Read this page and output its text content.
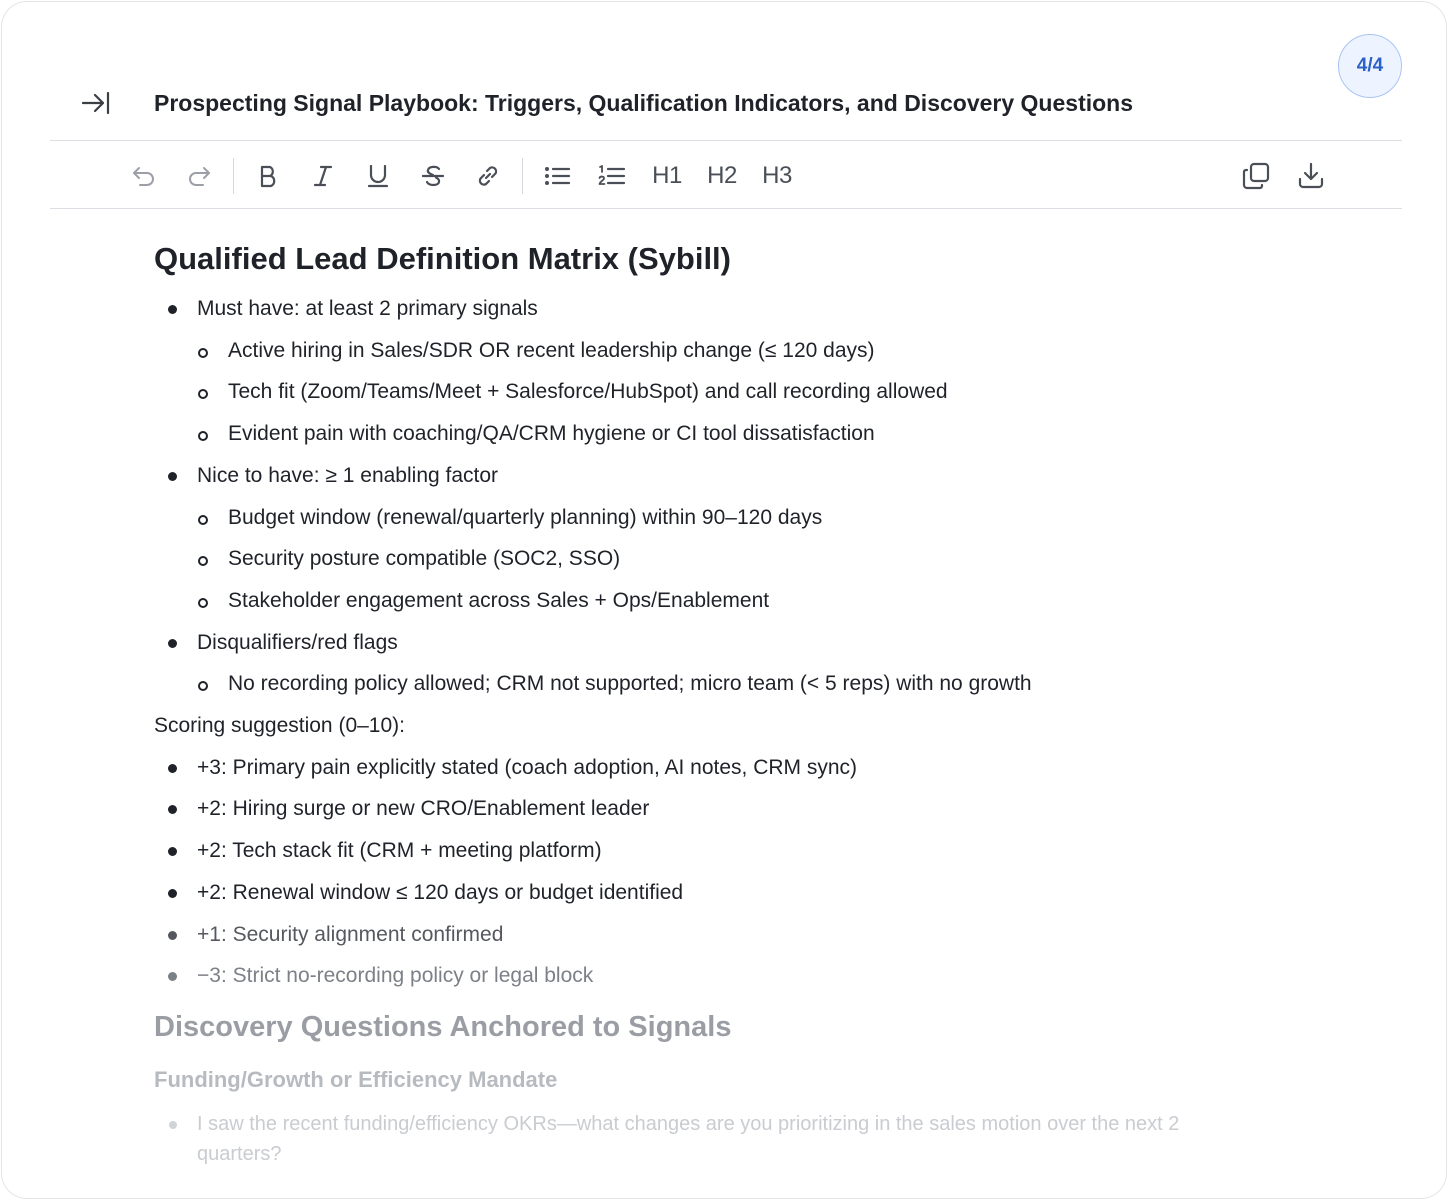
4/4
Prospecting Signal Playbook: Triggers, Qualification Indicators, and Discovery Questions
H1 H2 H3
Qualified Lead Definition Matrix (Sybill)
Must have: at least 2 primary signals
Active hiring in Sales/SDR OR recent leadership change (≤ 120 days)
Tech fit (Zoom/Teams/Meet + Salesforce/HubSpot) and call recording allowed
Evident pain with coaching/QA/CRM hygiene or CI tool dissatisfaction
Nice to have: ≥ 1 enabling factor
Budget window (renewal/quarterly planning) within 90–120 days
Security posture compatible (SOC2, SSO)
Stakeholder engagement across Sales + Ops/Enablement
Disqualifiers/red flags
No recording policy allowed; CRM not supported; micro team (< 5 reps) with no growth
Scoring suggestion (0–10):
+3: Primary pain explicitly stated (coach adoption, AI notes, CRM sync)
+2: Hiring surge or new CRO/Enablement leader
+2: Tech stack fit (CRM + meeting platform)
+2: Renewal window ≤ 120 days or budget identified
+1: Security alignment confirmed
−3: Strict no-recording policy or legal block
Discovery Questions Anchored to Signals
Funding/Growth or Efficiency Mandate
I saw the recent funding/efficiency OKRs—what changes are you prioritizing in the sales motion over the next 2 quarters?
